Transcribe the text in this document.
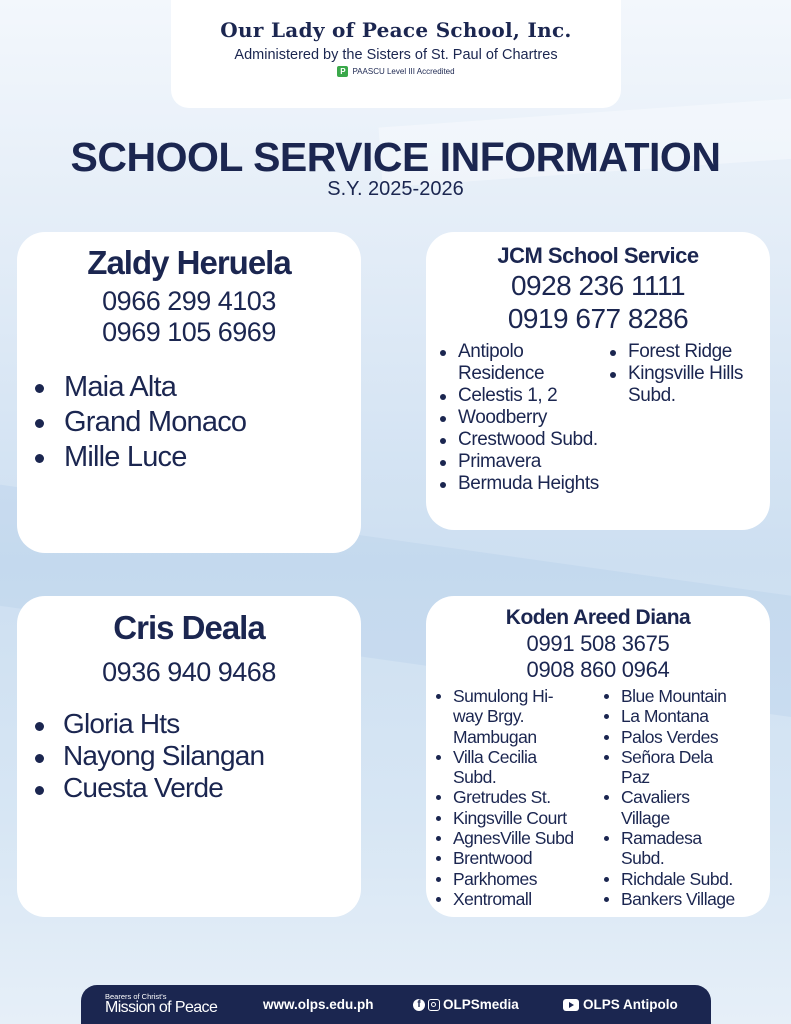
Our Lady of Peace School, Inc.
Administered by the Sisters of St. Paul of Chartres
P PAASCU Level III Accredited
SCHOOL SERVICE INFORMATION
S.Y. 2025-2026
Zaldy Heruela
0966 299 4103
0969 105 6969
Maia Alta
Grand Monaco
Mille Luce
JCM School Service
0928 236 1111
0919 677 8286
Antipolo Residence
Celestis 1, 2
Woodberry
Crestwood Subd.
Primavera
Bermuda Heights
Forest Ridge
Kingsville Hills Subd.
Cris Deala
0936 940 9468
Gloria Hts
Nayong Silangan
Cuesta Verde
Koden Areed Diana
0991 508 3675
0908 860 0964
Sumulong Hi-way Brgy. Mambugan
Villa Cecilia Subd.
Gretrudes St.
Kingsville Court
AgnesVille Subd
Brentwood
Parkhomes
Xentromall
Blue Mountain
La Montana
Palos Verdes
Señora Dela Paz
Cavaliers Village
Ramadesa Subd.
Richdale Subd.
Bankers Village
Bearers of Christ's
Mission of Peace	www.olps.edu.ph	f	OLPSmedia	OLPS Antipolo
